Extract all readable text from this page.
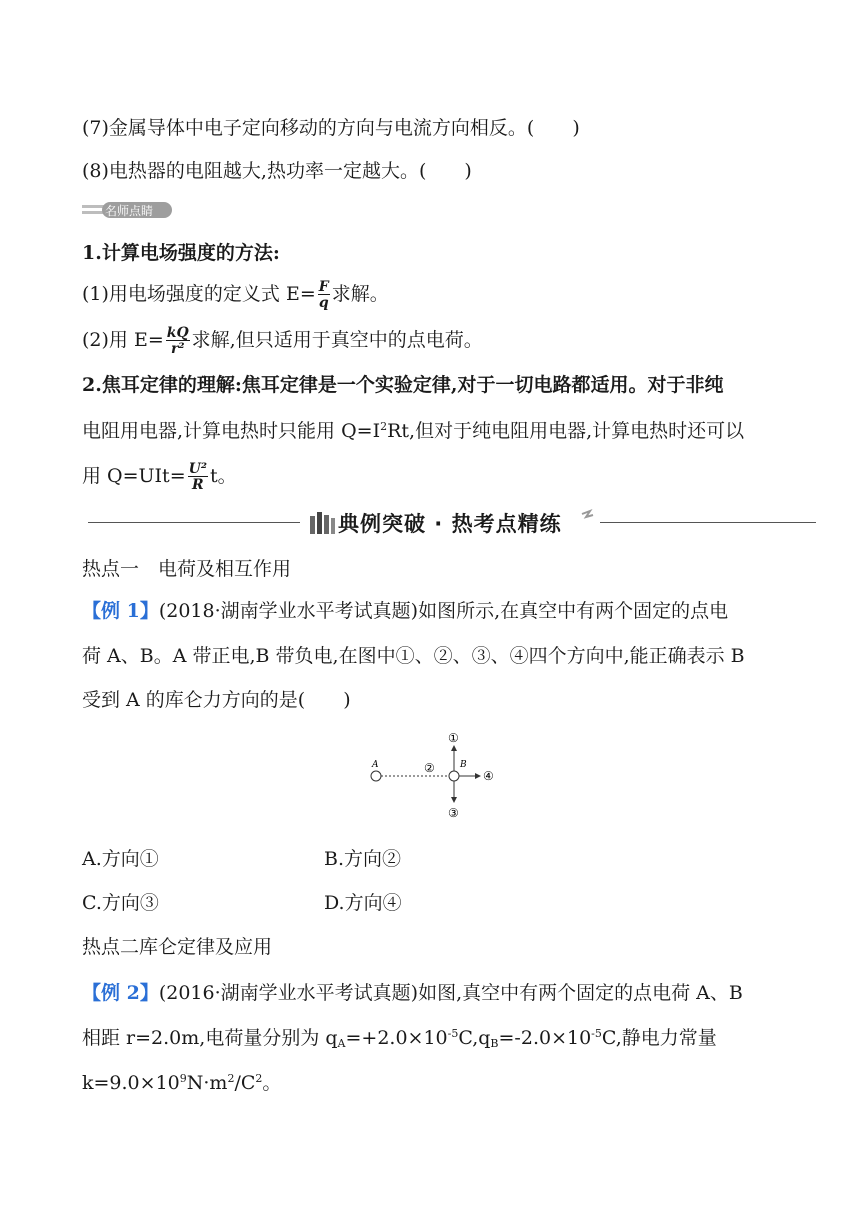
(7)金属导体中电子定向移动的方向与电流方向相反。(　　)
(8)电热器的电阻越大,热功率一定越大。(　　)
名师点睛
1.计算电场强度的方法:
(1)用电场强度的定义式 $E= \frac{F}{q}$ 求解。
(2)用 $E= \frac{kQ}{\text{r²}}$ 求解,但只适用于真空中的点电荷。
2.焦耳定律的理解:焦耳定律是一个实验定律,对于一切电路都适用。对于非纯
电阻用电器,计算电热时只能用 $Q=I^2Rt$,但对于纯电阻用电器,计算电热时还可以
用 $Q=UIt= \frac{\text{U²}}{R}$ t。
典例突破 · 热考点精练
热点一　电荷及相互作用
【例 1】(2018·湖南学业水平考试真题)如图所示,在真空中有两个固定的点电
荷 A、B。A 带正电,B 带负电,在图中①、②、③、④四个方向中,能正确表示 B
受到 A 的库仑力方向的是(　　)
A	②	B
①
③
④
A.方向①	B.方向②
C.方向③	D.方向④
热点二库仑定律及应用
【例 2】(2016·湖南学业水平考试真题)如图,真空中有两个固定的点电荷 A、B
相距 r=2.0m,电荷量分别为 $q_A=+2.0\times 10^{-5}C,q_B=-2.0\times 10^{-5}C$,静电力常量
$k=9.0\times 10^9N\cdot m^2/C^2$。
